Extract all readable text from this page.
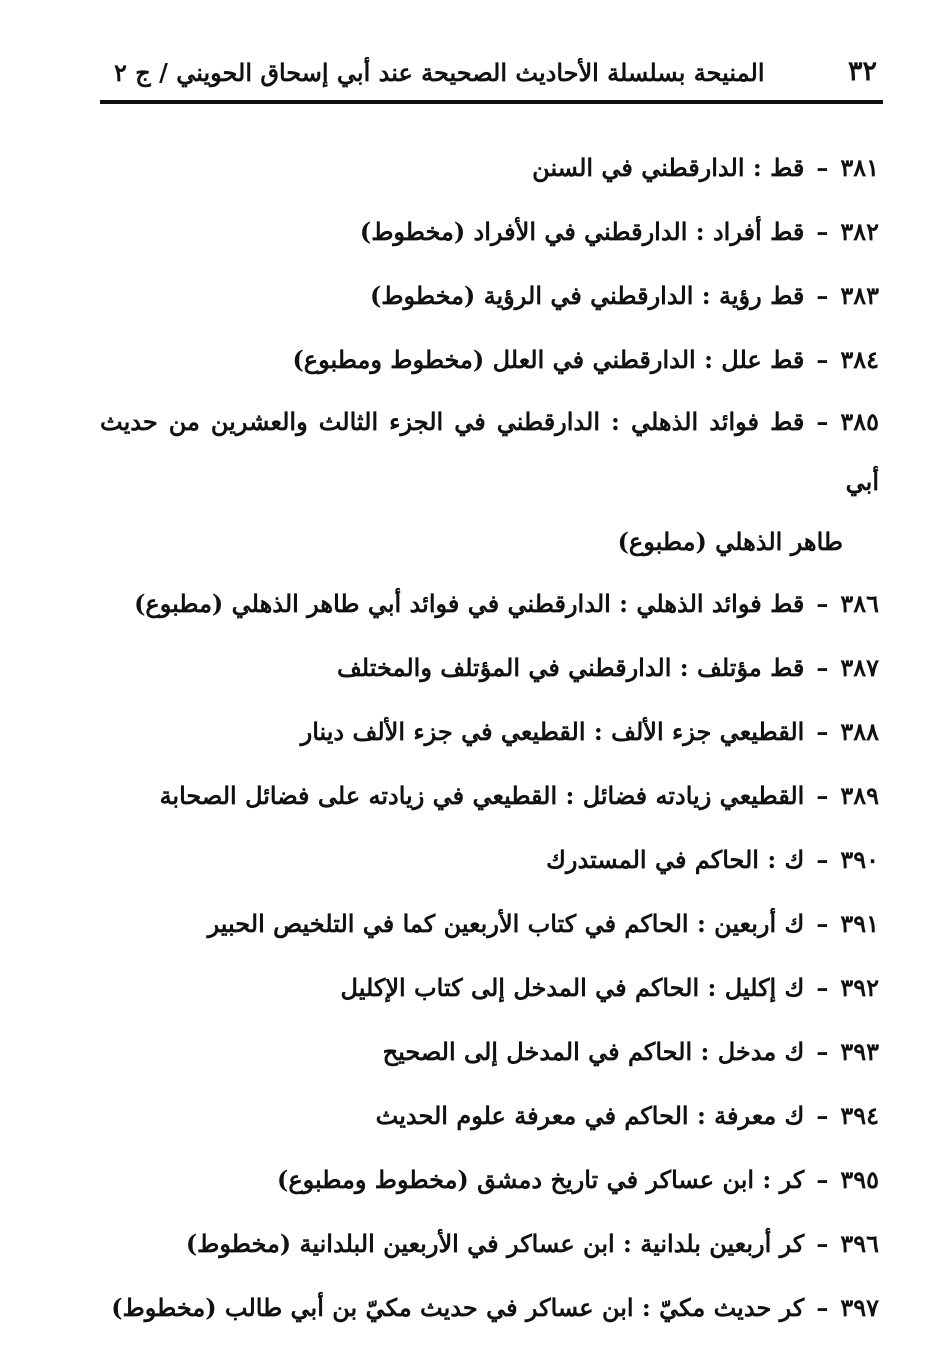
٣٢
المنيحة بسلسلة الأحاديث الصحيحة عند أبي إسحاق الحويني / ج ٢
٣٨١–قط : الدارقطني في السنن
٣٨٢–قط أفراد : الدارقطني في الأفراد (مخطوط)
٣٨٣–قط رؤية : الدارقطني في الرؤية (مخطوط)
٣٨٤–قط علل : الدارقطني في العلل (مخطوط ومطبوع)
٣٨٥–قط فوائد الذهلي : الدارقطني في الجزء الثالث والعشرين من حديث أبي
طاهر الذهلي (مطبوع)
٣٨٦–قط فوائد الذهلي : الدارقطني في فوائد أبي طاهر الذهلي (مطبوع)
٣٨٧–قط مؤتلف : الدارقطني في المؤتلف والمختلف
٣٨٨–القطيعي جزء الألف : القطيعي في جزء الألف دينار
٣٨٩–القطيعي زيادته فضائل : القطيعي في زيادته على فضائل الصحابة
٣٩٠–ك : الحاكم في المستدرك
٣٩١–ك أربعين : الحاكم في كتاب الأربعين كما في التلخيص الحبير
٣٩٢–ك إكليل : الحاكم في المدخل إلى كتاب الإكليل
٣٩٣–ك مدخل : الحاكم في المدخل إلى الصحيح
٣٩٤–ك معرفة : الحاكم في معرفة علوم الحديث
٣٩٥–كر : ابن عساكر في تاريخ دمشق (مخطوط ومطبوع)
٣٩٦–كر أربعين بلدانية : ابن عساكر في الأربعين البلدانية (مخطوط)
٣٩٧–كر حديث مكيّ : ابن عساكر في حديث مكيّ بن أبي طالب (مخطوط)
